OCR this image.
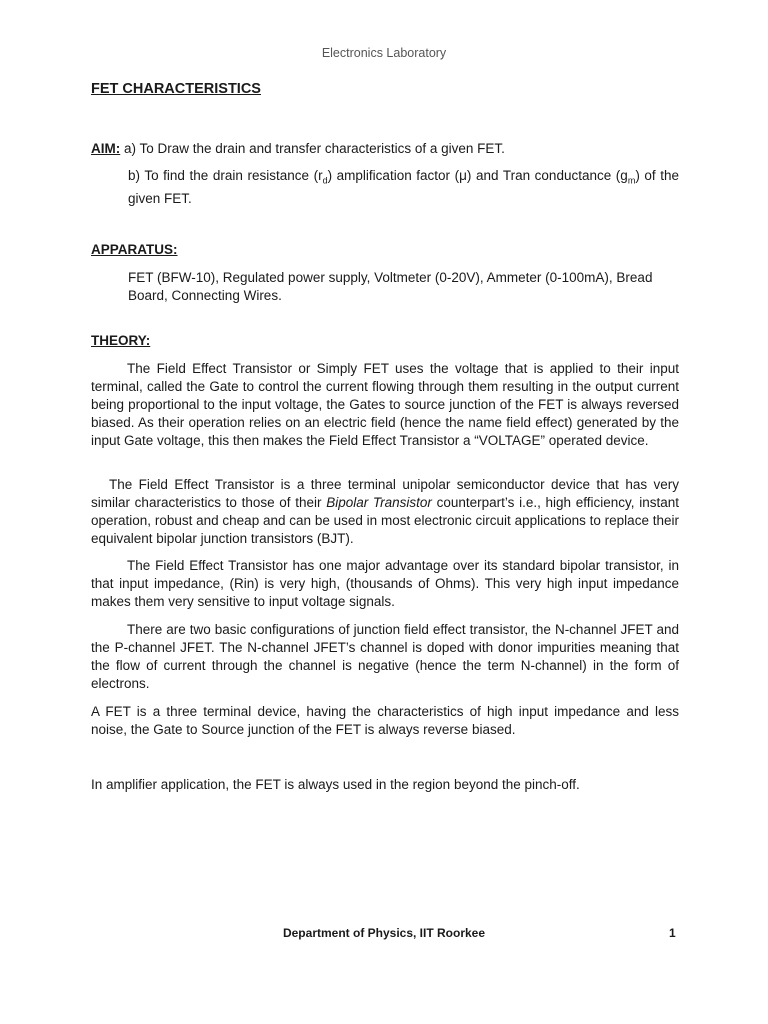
Electronics Laboratory
FET CHARACTERISTICS
AIM: a) To Draw the drain and transfer characteristics of a given FET.
b) To find the drain resistance $(r_d)$ amplification factor (μ) and Tran conductance $(g_m)$ of the given FET.
APPARATUS:
FET (BFW-10), Regulated power supply, Voltmeter (0-20V), Ammeter (0-100mA), Bread Board, Connecting Wires.
THEORY:

The Field Effect Transistor or Simply FET uses the voltage that is applied to their input terminal, called the Gate to control the current flowing through them resulting in the output current being proportional to the input voltage, the Gates to source junction of the FET is always reversed biased. As their operation relies on an electric field (hence the name field effect) generated by the input Gate voltage, this then makes the Field Effect Transistor a “VOLTAGE” operated device.

The Field Effect Transistor is a three terminal unipolar semiconductor device that has very similar characteristics to those of their Bipolar Transistor counterpart’s i.e., high efficiency, instant operation, robust and cheap and can be used in most electronic circuit applications to replace their equivalent bipolar junction transistors (BJT).

The Field Effect Transistor has one major advantage over its standard bipolar transistor, in that input impedance, (Rin) is very high, (thousands of Ohms). This very high input impedance makes them very sensitive to input voltage signals.

There are two basic configurations of junction field effect transistor, the N-channel JFET and the P-channel JFET. The N-channel JFET’s channel is doped with donor impurities meaning that the flow of current through the channel is negative (hence the term N-channel) in the form of electrons.

A FET is a three terminal device, having the characteristics of high input impedance and less noise, the Gate to Source junction of the FET is always reverse biased.

In amplifier application, the FET is always used in the region beyond the pinch-off.

Department of Physics, IIT Roorkee	1
